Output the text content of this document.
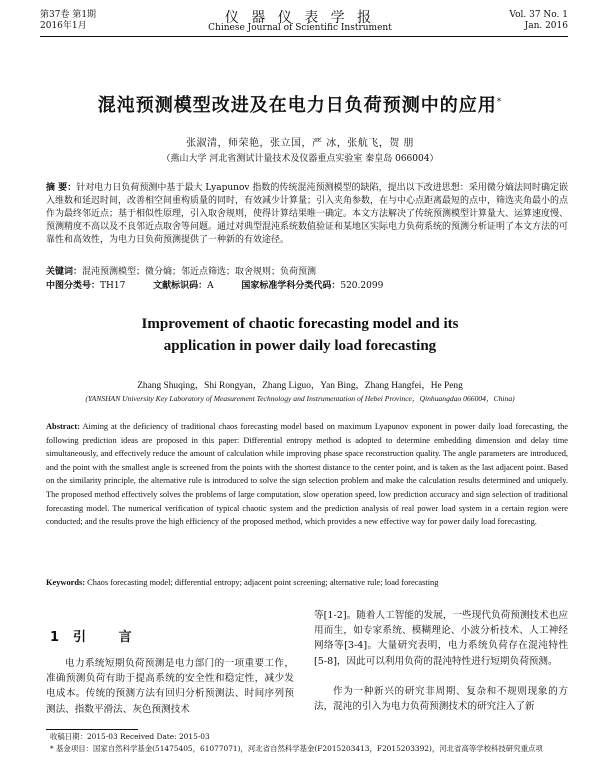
第37卷 第1期
2016年1月	仪 器 仪 表 学 报
Chinese Journal of Scientific Instrument
Vol. 37 No. 1
Jan. 2016
混沌预测模型改进及在电力日负荷预测中的应用*
张淑清，师荣艳，张立国，严 冰，张航飞，贺 朋
（燕山大学 河北省测试计量技术及仪器重点实验室 秦皇岛 066004）
摘 要：针对电力日负荷预测中基于最大 Lyapunov 指数的传统混沌预测模型的缺陷，提出以下改进思想：采用微分熵法同时确定嵌入维数和延迟时间，改善相空间重构质量的同时，有效减少计算量；引入夹角参数，在与中心点距离最短的点中，筛选夹角最小的点作为最终邻近点；基于相似性原理，引入取舍规则，使得计算结果唯一确定。本文方法解决了传统预测模型计算量大、运算速度慢、预测精度不高以及不良邻近点取舍等问题。通过对典型混沌系统数值验证和某地区实际电力负荷系统的预测分析证明了本文方法的可靠性和高效性，为电力日负荷预测提供了一种新的有效途径。
关键词：混沌预测模型；微分熵；邻近点筛选；取舍规则；负荷预测
中图分类号：TH17	文献标识码：A	国家标准学科分类代码：520.2099
Improvement of chaotic forecasting model and its
application in power daily load forecasting
Zhang Shuqing，Shi Rongyan，Zhang Liguo，Yan Bing，Zhang Hangfei，He Peng
(YANSHAN University Key Laboratory of Measurement Technology and Instrumentation of Hebei Province，Qinhuangdao 066004，China)
Abstract: Aiming at the deficiency of traditional chaos forecasting model based on maximum Lyapunov exponent in power daily load forecasting, the following prediction ideas are proposed in this paper: Differential entropy method is adopted to determine embedding dimension and delay time simultaneously, and effectively reduce the amount of calculation while improving phase space reconstruction quality. The angle parameters are introduced, and the point with the smallest angle is screened from the points with the shortest distance to the center point, and is taken as the last adjacent point. Based on the similarity principle, the alternative rule is introduced to solve the sign selection problem and make the calculation results determined and uniquely. The proposed method effectively solves the problems of large computation, slow operation speed, low prediction accuracy and sign selection of traditional forecasting model. The numerical verification of typical chaotic system and the prediction analysis of real power load system in a certain region were conducted; and the results prove the high efficiency of the proposed method, which provides a new effective way for power daily load forecasting.
Keywords: Chaos forecasting model; differential entropy; adjacent point screening; alternative rule; load forecasting
1引 言
电力系统短期负荷预测是电力部门的一项重要工作，准确预测负荷有助于提高系统的安全性和稳定性，减少发电成本。传统的预测方法有回归分析预测法、时间序列预测法、指数平滑法、灰色预测技术
等[1-2]。随着人工智能的发展，一些现代负荷预测技术也应用而生，如专家系统、模糊理论、小波分析技术、人工神经网络等[3-4]。大量研究表明，电力系统负荷存在混沌特性[5-8]，因此可以利用负荷的混沌特性进行短期负荷预测。
作为一种新兴的研究非周期、复杂和不规则现象的方法，混沌的引入为电力负荷预测技术的研究注入了新
收稿日期：2015-03 Received Date: 2015-03
* 基金项目：国家自然科学基金(51475405，61077071)，河北省自然科学基金(F2015203413，F2015203392)，河北省高等学校科技研究重点项
